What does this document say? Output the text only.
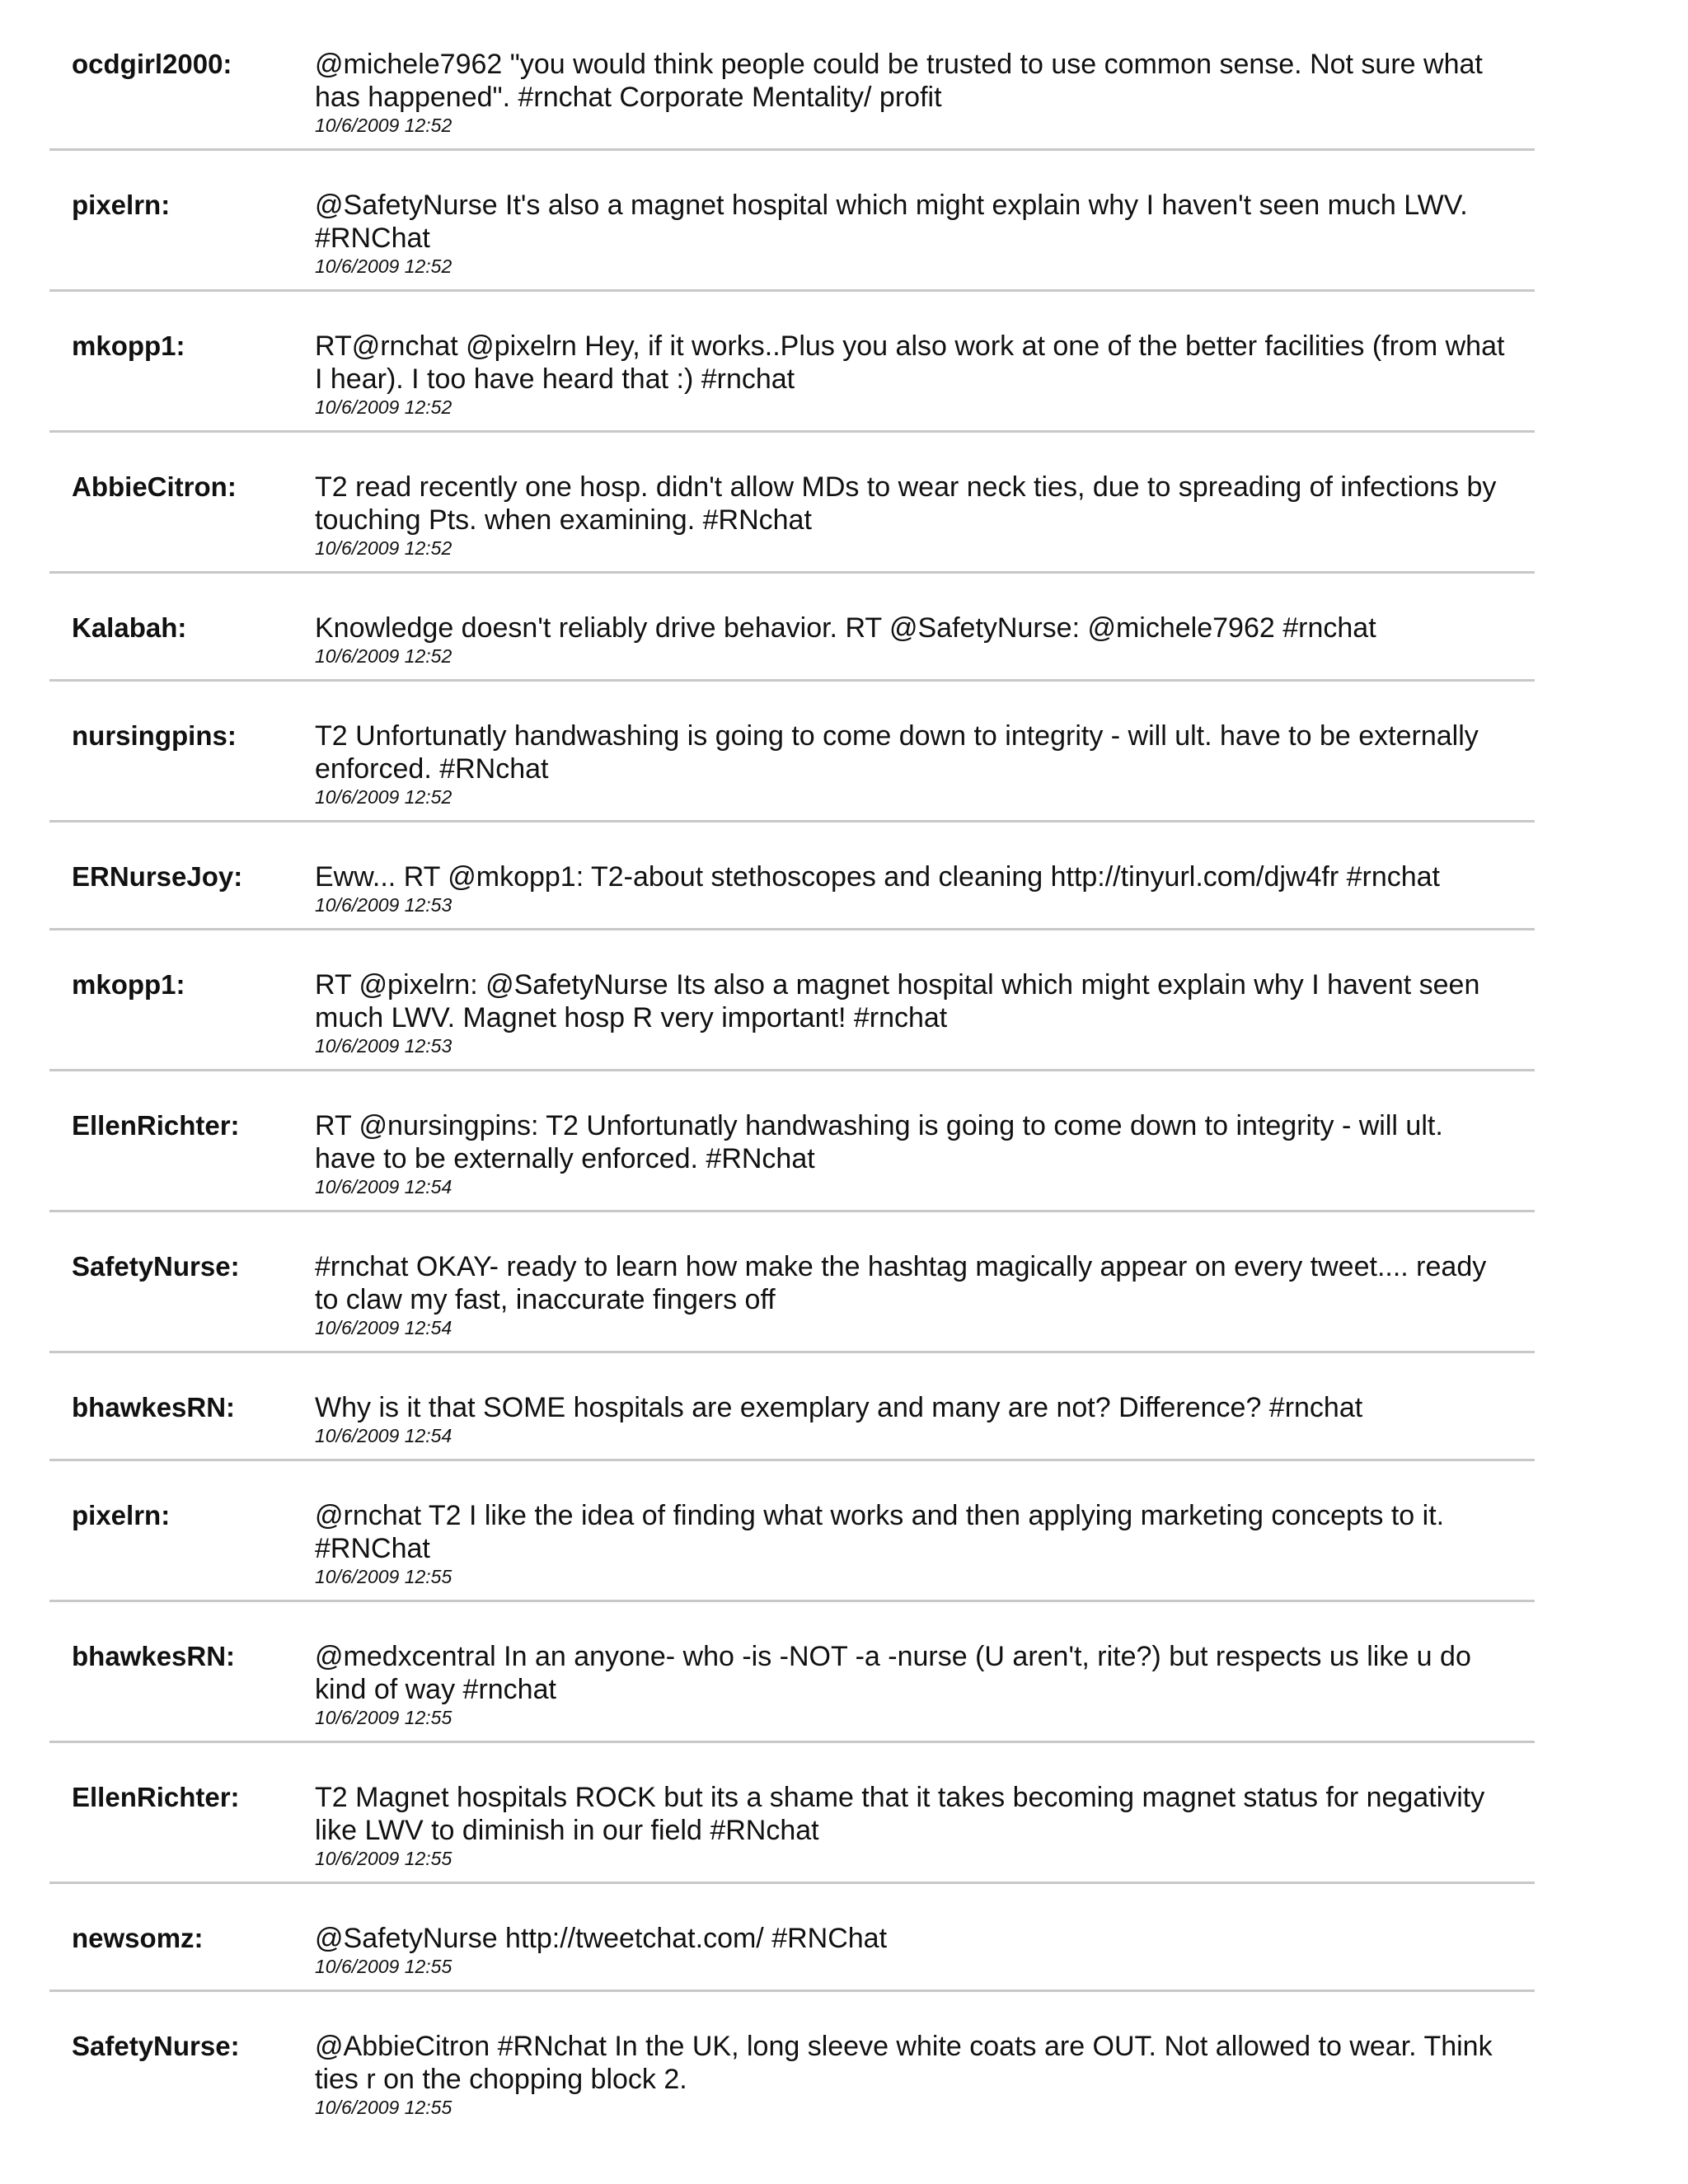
ocdgirl2000:	@michele7962 "you would think people could be trusted to use common sense. Not sure what has happened". #rnchat Corporate Mentality/ profit
10/6/2009 12:52
pixelrn:	@SafetyNurse It's also a magnet hospital which might explain why I haven't seen much LWV. #RNChat
10/6/2009 12:52
mkopp1:	RT@rnchat @pixelrn Hey, if it works..Plus you also work at one of the better facilities (from what I hear). I too have heard that :) #rnchat
10/6/2009 12:52
AbbieCitron:	T2 read recently one hosp. didn't allow MDs to wear neck ties, due to spreading of infections by touching Pts. when examining. #RNchat
10/6/2009 12:52
Kalabah:	Knowledge doesn't reliably drive behavior. RT @SafetyNurse: @michele7962 #rnchat
10/6/2009 12:52
nursingpins:	T2 Unfortunatly handwashing is going to come down to integrity - will ult. have to be externally enforced. #RNchat
10/6/2009 12:52
ERNurseJoy:	Eww... RT @mkopp1: T2-about stethoscopes and cleaning http://tinyurl.com/djw4fr #rnchat
10/6/2009 12:53
mkopp1:	RT @pixelrn: @SafetyNurse Its also a magnet hospital which might explain why I havent seen much LWV. Magnet hosp R very important! #rnchat
10/6/2009 12:53
EllenRichter:	RT @nursingpins: T2 Unfortunatly handwashing is going to come down to integrity - will ult. have to be externally enforced. #RNchat
10/6/2009 12:54
SafetyNurse:	#rnchat OKAY- ready to learn how make the hashtag magically appear on every tweet.... ready to claw my fast, inaccurate fingers off
10/6/2009 12:54
bhawkesRN:	Why is it that SOME hospitals are exemplary and many are not? Difference? #rnchat
10/6/2009 12:54
pixelrn:	@rnchat T2 I like the idea of finding what works and then applying marketing concepts to it. #RNChat
10/6/2009 12:55
bhawkesRN:	@medxcentral In an anyone- who -is -NOT -a -nurse (U aren't, rite?) but respects us like u do kind of way #rnchat
10/6/2009 12:55
EllenRichter:	T2 Magnet hospitals ROCK but its a shame that it takes becoming magnet status for negativity like LWV to diminish in our field #RNchat
10/6/2009 12:55
newsomz:	@SafetyNurse http://tweetchat.com/ #RNChat
10/6/2009 12:55
SafetyNurse:	@AbbieCitron #RNchat In the UK, long sleeve white coats are OUT. Not allowed to wear. Think ties r on the chopping block 2.
10/6/2009 12:55
